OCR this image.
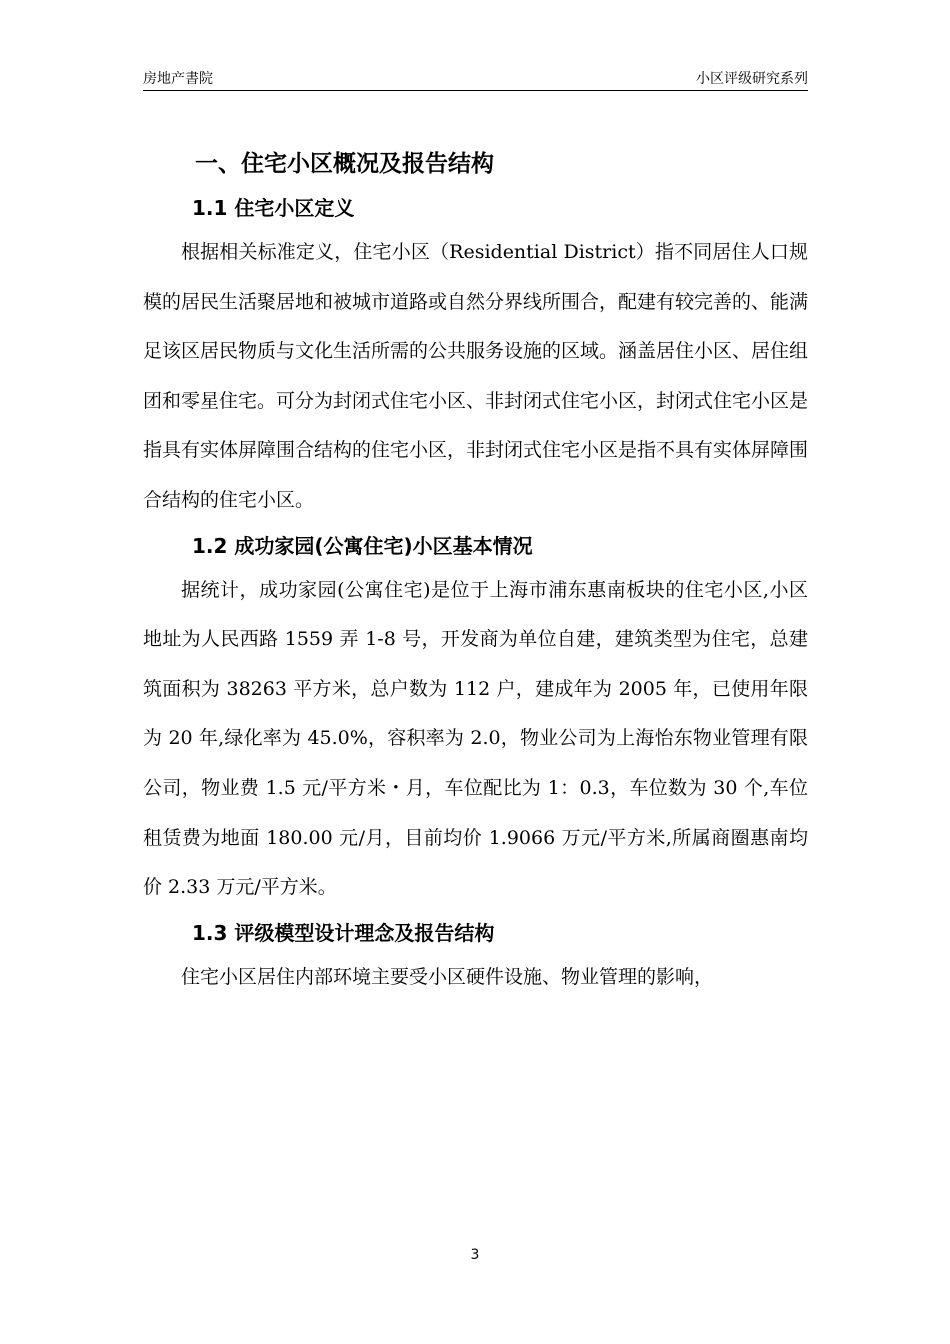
房地产書院	小区评级研究系列
一、住宅小区概况及报告结构
1.1 住宅小区定义

根据相关标准定义，住宅小区（Residential District）指不同居住人口规模的居民生活聚居地和被城市道路或自然分界线所围合，配建有较完善的、能满足该区居民物质与文化生活所需的公共服务设施的区域。涵盖居住小区、居住组团和零星住宅。可分为封闭式住宅小区、非封闭式住宅小区，封闭式住宅小区是指具有实体屏障围合结构的住宅小区，非封闭式住宅小区是指不具有实体屏障围合结构的住宅小区。

1.2 成功家园(公寓住宅)小区基本情况

据统计，成功家园(公寓住宅)是位于上海市浦东惠南板块的住宅小区,小区地址为人民西路 1559 弄 1-8 号，开发商为单位自建，建筑类型为住宅，总建筑面积为 38263 平方米，总户数为 112 户，建成年为 2005 年，已使用年限为 20 年,绿化率为 45.0%，容积率为 2.0，物业公司为上海怡东物业管理有限公司，物业费 1.5 元/平方米・月，车位配比为 1：0.3，车位数为 30 个,车位租赁费为地面 180.00 元/月，目前均价 1.9066 万元/平方米,所属商圈惠南均价 2.33 万元/平方米。

1.3 评级模型设计理念及报告结构

住宅小区居住内部环境主要受小区硬件设施、物业管理的影响，

3
